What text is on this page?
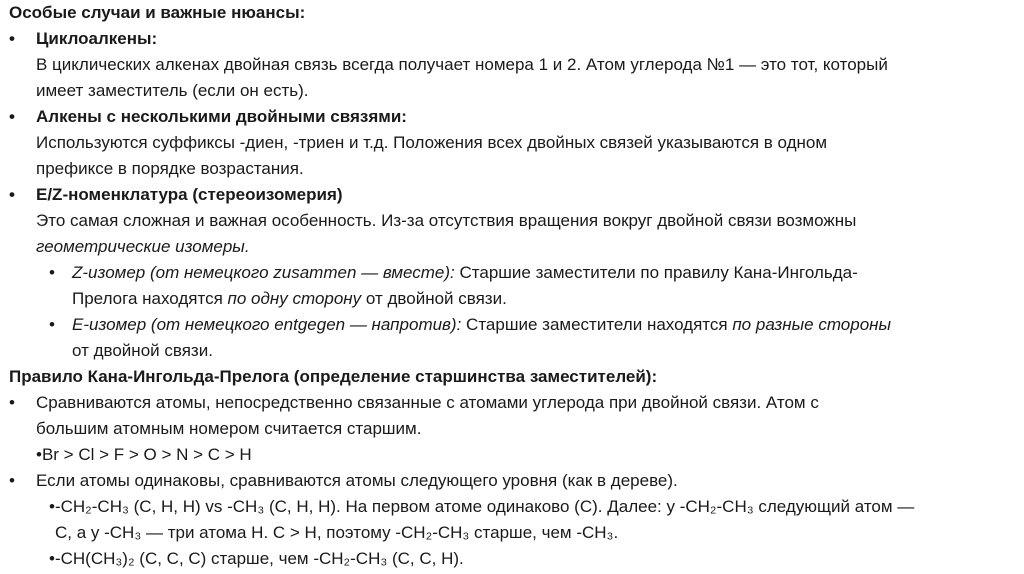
Особые случаи и важные нюансы:
• Циклоалкены:
В циклических алкенах двойная связь всегда получает номера 1 и 2. Атом углерода №1 — это тот, который
имеет заместитель (если он есть).
• Алкены с несколькими двойными связями:
Используются суффиксы -диен, -триен и т.д. Положения всех двойных связей указываются в одном
префиксе в порядке возрастания.
• E/Z-номенклатура (стереоизомерия)
Это самая сложная и важная особенность. Из-за отсутствия вращения вокруг двойной связи возможны
геометрические изомеры.
• Z-изомер (от немецкого zusammen — вместе): Старшие заместители по правилу Кана-Ингольда-
Прелога находятся по одну сторону от двойной связи.
• E-изомер (от немецкого entgegen — напротив): Старшие заместители находятся по разные стороны
от двойной связи.
Правило Кана-Ингольда-Прелога (определение старшинства заместителей):
• Сравниваются атомы, непосредственно связанные с атомами углерода при двойной связи. Атом с
большим атомным номером считается старшим.
•Br > Cl > F > O > N > C > H
• Если атомы одинаковы, сравниваются атомы следующего уровня (как в дереве).
•-CH₂-CH₃ (C, H, H) vs -CH₃ (C, H, H). На первом атоме одинаково (C). Далее: у -CH₂-CH₃ следующий атом —
C, а у -CH₃ — три атома H. C > H, поэтому -CH₂-CH₃ старше, чем -CH₃.
•-CH(CH₃)₂ (C, C, C) старше, чем -CH₂-CH₃ (C, C, H).
